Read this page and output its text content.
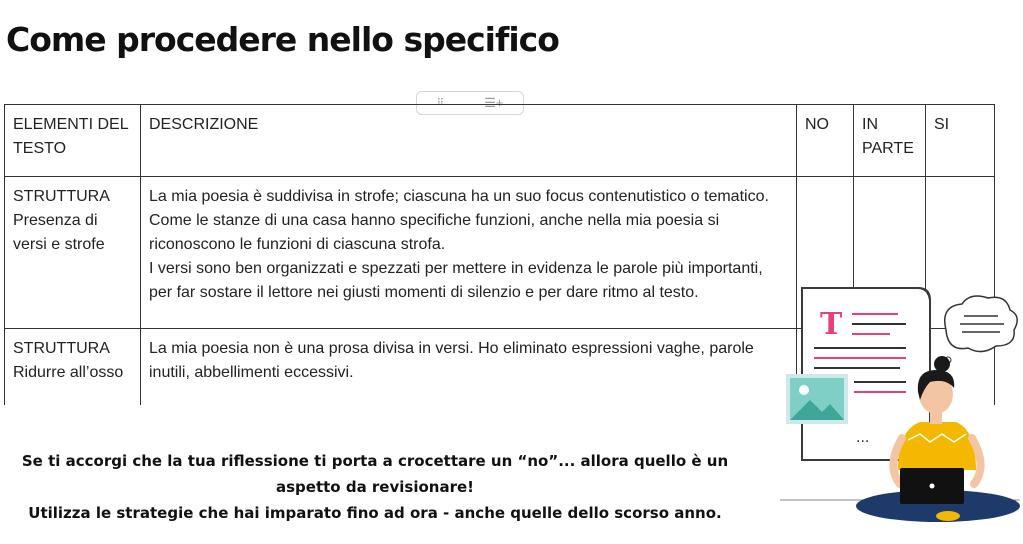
Come procedere nello specifico
⠿	☰+
ELEMENTI DEL TESTO	DESCRIZIONE	NO	IN PARTE	SI
STRUTTURA
Presenza di versi e strofe	La mia poesia è suddivisa in strofe; ciascuna ha un suo focus contenutistico o tematico.
Come le stanze di una casa hanno specifiche funzioni, anche nella mia poesia si riconoscono le funzioni di ciascuna strofa.
I versi sono ben organizzati e spezzati per mettere in evidenza le parole più importanti, per far sostare il lettore nei giusti momenti di silenzio e per dare ritmo al testo.			
STRUTTURA
Ridurre all’osso	La mia poesia non è una prosa divisa in versi. Ho eliminato espressioni vaghe, parole inutili, abbellimenti eccessivi.			

Se ti accorgi che la tua riflessione ti porta a crocettare un “no”... allora quello è un aspetto da revisionare!

Utilizza le strategie che hai imparato fino ad ora - anche quelle dello scorso anno.

T
...
